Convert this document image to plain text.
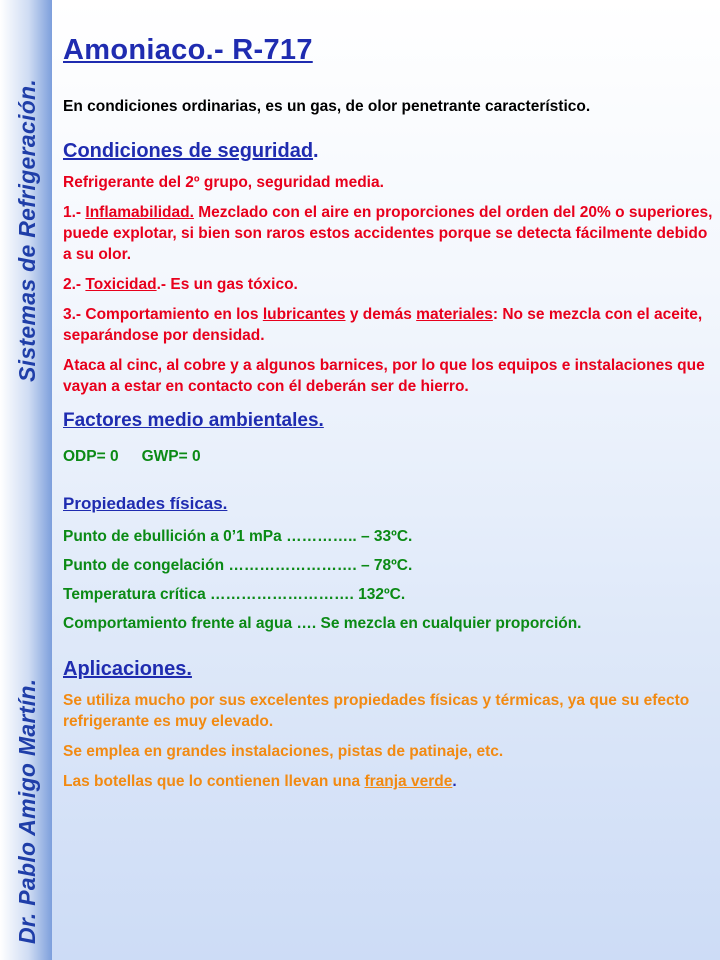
Sistemas de Refrigeración.
Dr. Pablo Amigo Martín.
Amoniaco.- R-717

En condiciones ordinarias, es un gas, de olor penetrante característico.

Condiciones de seguridad.

Refrigerante del 2º grupo, seguridad media.

1.- Inflamabilidad. Mezclado con el aire en proporciones del orden del 20% o superiores, puede explotar, si bien son raros estos accidentes porque se detecta fácilmente debido a su olor.

2.- Toxicidad.- Es un gas tóxico.

3.- Comportamiento en los lubricantes y demás materiales: No se mezcla con el aceite, separándose por densidad.

Ataca al cinc, al cobre y a algunos barnices, por lo que los equipos e instalaciones que vayan a estar en contacto con él deberán ser de hierro.

Factores medio ambientales.

ODP= 0 GWP= 0

Propiedades físicas.

Punto de ebullición a 0’1 mPa ………….. – 33ºC.

Punto de congelación ……………………. – 78ºC.

Temperatura crítica ………………………. 132ºC.

Comportamiento frente al agua …. Se mezcla en cualquier proporción.

Aplicaciones.

Se utiliza mucho por sus excelentes propiedades físicas y térmicas, ya que su efecto refrigerante es muy elevado.

Se emplea en grandes instalaciones, pistas de patinaje, etc.

Las botellas que lo contienen llevan una franja verde.
